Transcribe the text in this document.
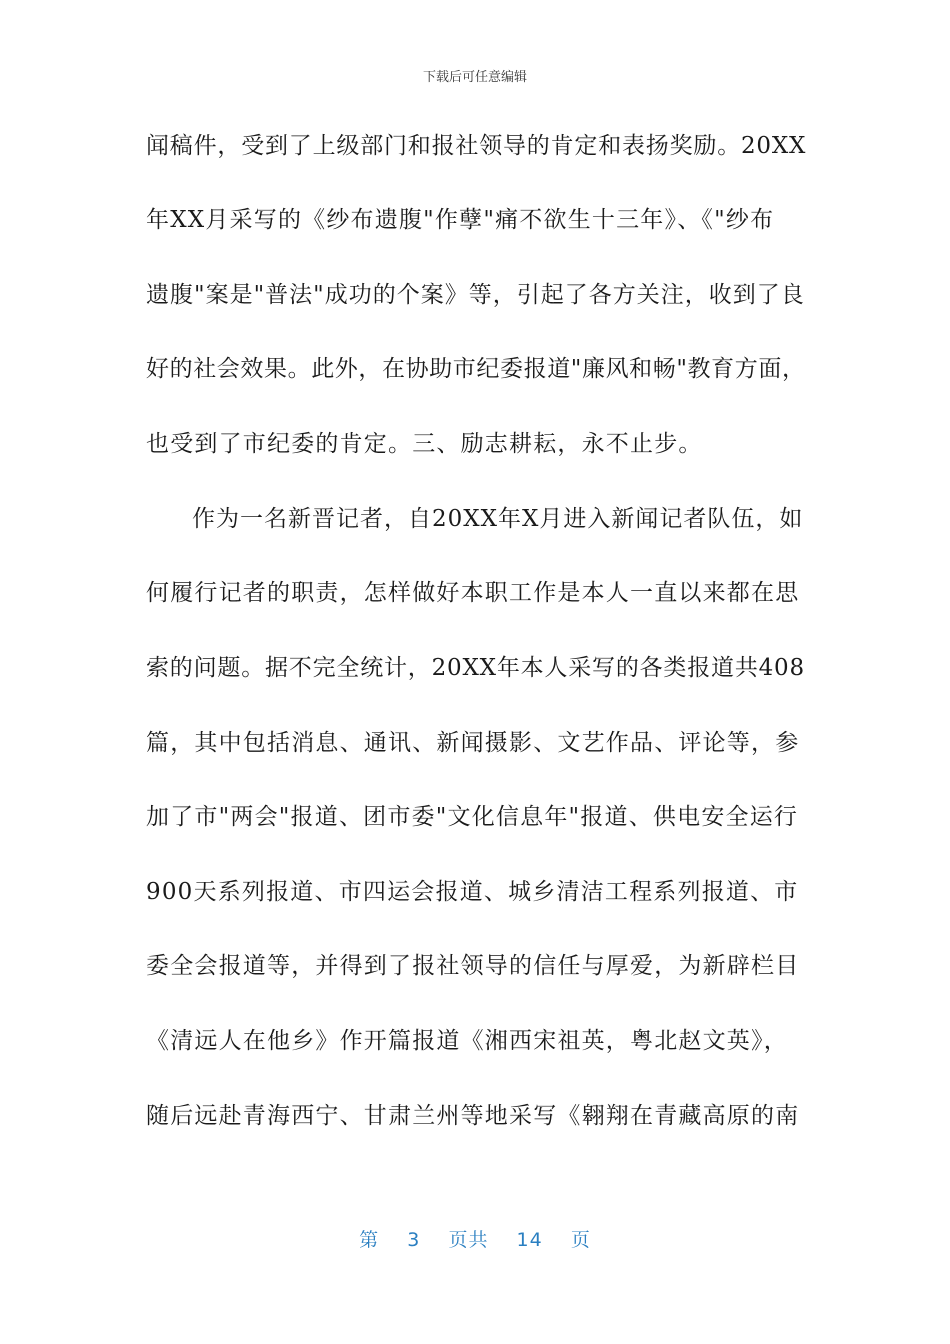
下载后可任意编辑
闻稿件，受到了上级部门和报社领导的肯定和表扬奖励。20XX
年XX月采写的《纱布遗腹"作孽"痛不欲生十三年》、《"纱布
遗腹"案是"普法"成功的个案》等，引起了各方关注，收到了良
好的社会效果。此外，在协助市纪委报道"廉风和畅"教育方面，
也受到了市纪委的肯定。三、励志耕耘，永不止步。
作为一名新晋记者，自20XX年X月进入新闻记者队伍，如
何履行记者的职责，怎样做好本职工作是本人一直以来都在思
索的问题。据不完全统计，20XX年本人采写的各类报道共408
篇，其中包括消息、通讯、新闻摄影、文艺作品、评论等，参
加了市"两会"报道、团市委"文化信息年"报道、供电安全运行
900天系列报道、市四运会报道、城乡清洁工程系列报道、市
委全会报道等，并得到了报社领导的信任与厚爱，为新辟栏目
《清远人在他乡》作开篇报道《湘西宋祖英，粤北赵文英》，
随后远赴青海西宁、甘肃兰州等地采写《翱翔在青藏高原的南
第 3 页共 14 页
